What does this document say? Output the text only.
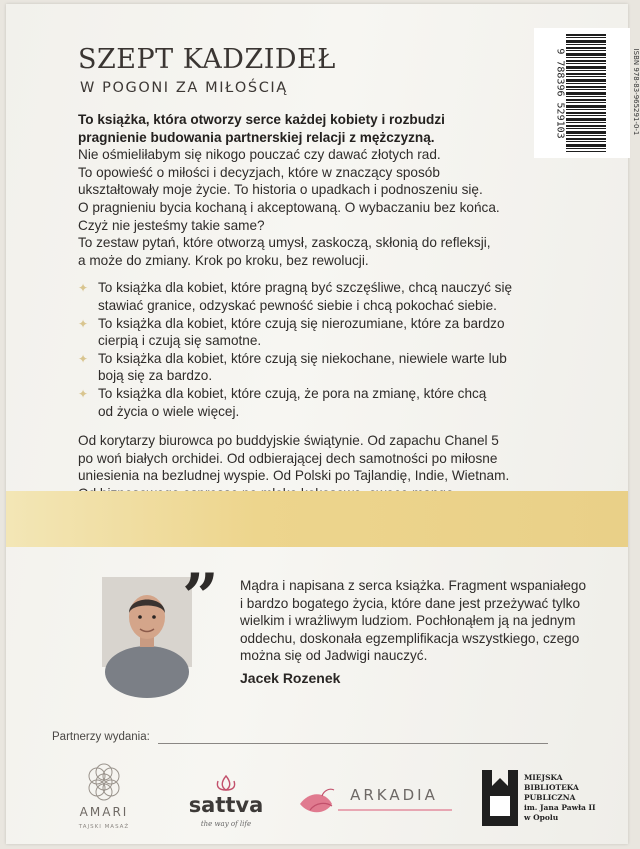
SZEPT KADZIDEŁ
W POGONI ZA MIŁOŚCIĄ	9 788396 529103	ISBN 978-83-965291-0-1

To książka, która otworzy serce każdej kobiety i rozbudzi

pragnienie budowania partnerskiej relacji z mężczyzną.

Nie ośmieliłabym się nikogo pouczać czy dawać złotych rad.

To opowieść o miłości i decyzjach, które w znaczący sposób

ukształtowały moje życie. To historia o upadkach i podnoszeniu się.

O pragnieniu bycia kochaną i akceptowaną. O wybaczaniu bez końca.

Czyż nie jesteśmy takie same?

To zestaw pytań, które otworzą umysł, zaskoczą, skłonią do refleksji,

a może do zmiany. Krok po kroku, bez rewolucji.

✦ To książka dla kobiet, które pragną być szczęśliwe, chcą nauczyć się
stawiać granice, odzyskać pewność siebie i chcą pokochać siebie.
✦ To książka dla kobiet, które czują się nierozumiane, które za bardzo
cierpią i czują się samotne.
✦ To książka dla kobiet, które czują się niekochane, niewiele warte lub
boją się za bardzo.
✦ To książka dla kobiet, które czują, że pora na zmianę, które chcą
od życia o wiele więcej.

Od korytarzy biurowca po buddyjskie świątynie. Od zapachu Chanel 5

po woń białych orchidei. Od odbierającej dech samotności po miłosne

uniesienia na bezludnej wyspie. Od Polski po Tajlandię, Indie, Wietnam.

” Mądra i napisana z serca książka. Fragment wspaniałego

i bardzo bogatego życia, które dane jest przeżywać tylko

wielkim i wrażliwym ludziom. Pochłonąłem ją na jednym

oddechu, doskonała egzemplifikacja wszystkiego, czego

można się od Jadwigi nauczyć.

Jacek Rozenek
Partnerzy wydania:
AMARI
TAJSKI MASAŻ
sattva
the way of life
ARKADIA
MIEJSKA
BIBLIOTEKA
PUBLICZNA
im. Jana Pawła II
w Opolu
